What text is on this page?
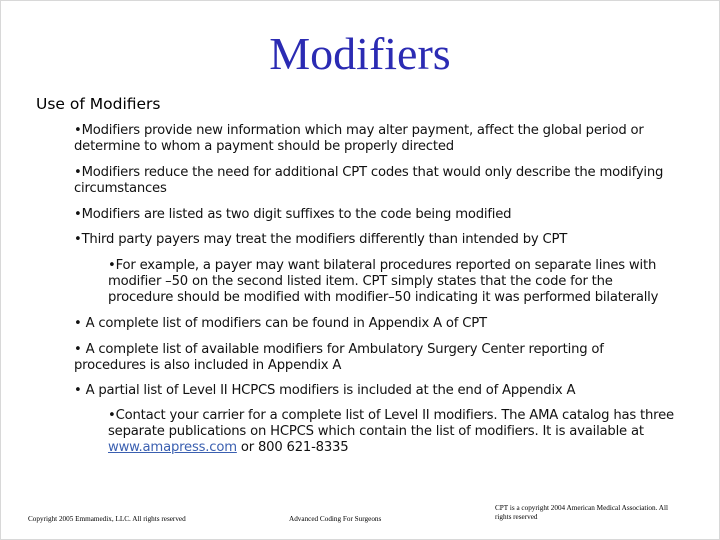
Modifiers
Use of Modifiers
•Modifiers provide new information which may alter payment, affect the global period or determine to whom a payment should be properly directed
•Modifiers reduce the need for additional CPT codes that would only describe the modifying circumstances
•Modifiers are listed as two digit suffixes to the code being modified
•Third party payers may treat the modifiers differently than intended by CPT
•For example, a payer may want bilateral procedures reported on separate lines with modifier –50 on the second listed item. CPT simply states that the code for the procedure should be modified with modifier–50 indicating it was performed bilaterally
• A complete list of modifiers can be found in Appendix A of CPT
• A complete list of available modifiers for Ambulatory Surgery Center reporting of procedures is also included in Appendix A
• A partial list of Level II HCPCS modifiers is included at the end of Appendix A
•Contact your carrier for a complete list of Level II modifiers. The AMA catalog has three separate publications on HCPCS which contain the list of modifiers. It is available at www.amapress.com or 800 621-8335
Copyright 2005 Emmamedix, LLC. All rights reserved	Advanced Coding For Surgeons
CPT is a copyright 2004 American Medical Association. All rights reserved
